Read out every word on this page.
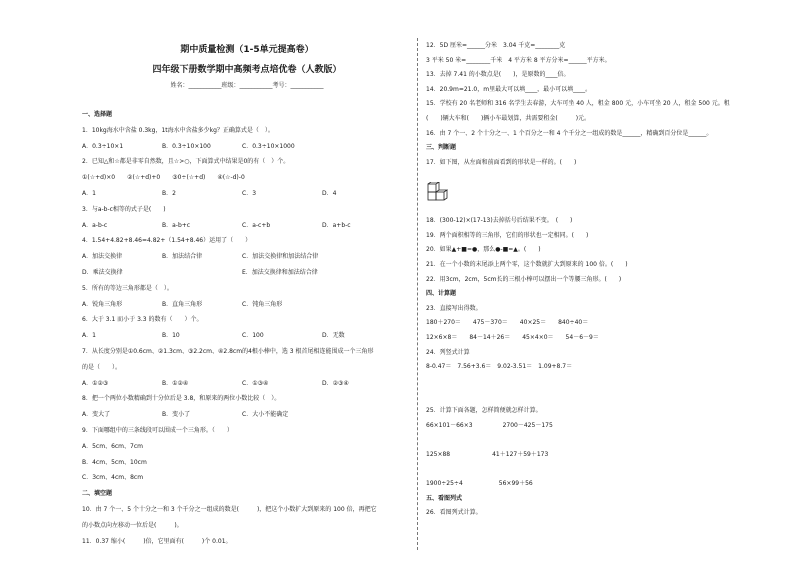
期中质量检测（1-5单元提高卷）
四年级下册数学期中高频考点培优卷（人教版）
姓名：___________班级：___________考号：___________
一、选择题
1．10kg海水中含盐 0.3kg，1t海水中含盐多少kg？正确算式是（　）。
A．0.3÷10×1	B．0.3÷10×100	C．0.3÷10×1000
2．已知△和☆都是非零自然数，且☆>○，下面算式中结果是0的有（　）个。
①(☆+d)×0　　②(☆+d)+0　　③0÷(☆+d)　　④(☆-d)-0
A．1	B．2	C．3	D．4
3．与a-b-c相等的式子是(　　)
A．a-b-c	B．a-b+c	C．a-c+b	D．a+b-c
4．1.54+4.82+8.46=4.82+（1.54+8.46）运用了（　　）
A．加法交换律	B．加法结合律	C．加法交换律和加法结合律
D．乘法交换律	E．加法交换律和加法结合律
5．所有的等边三角形都是（　）。
A．锐角三角形	B．直角三角形	C．钝角三角形
6．大于 3.1 而小于 3.3 的数有（　　）个。
A．1	B．10	C．100	D．无数
7．从长度分别是①0.6cm、②1.3cm、③2.2cm、④2.8cm的4根小棒中，选 3 根首尾相连能围成一个三角形
的是（　　）。
A．①②③	B．①②④	C．①③④	D．②③④
8．把一个两位小数精确到十分位后是 3.8，和原来的两位小数比较（　）。
A．变大了	B．变小了	C．大小不能确定
9．下面哪组中的三条线段可以围成一个三角形。（　　）
A．5cm、6cm、7cm
B．4cm、5cm、10cm
C．3cm、4cm、8cm
二、填空题
10．由 7 个一、5 个十分之一和 3 个千分之一组成的数是(　　　)，把这个小数扩大到原来的 100 倍，再把它
的小数点向左移动一位后是(　　　)。
11．0.37 缩小(　　　)倍，它里面有(　　　)个 0.01。
12．5D 厘米=______分米　3.04 千克=________克
3 平米 50 米=________千米　4 平方米 8 平方分米=______平方米。
13．去掉 7.41 的小数点是(　　)，是原数的____倍。
14．20.9m=21.0，m里最大可以填____，最小可以填____。
15．学校有 20 名老师和 316 名学生去春游，大车可坐 40 人，租金 800 元，小车可坐 20 人，租金 500 元。租
(　　)辆大车和(　　)辆小车最划算，共需要租金(　　　)元。
16．由 7 个一、2 个十分之一、1 个百分之一和 4 个千分之一组成的数是______，精确到百分位是______。
三、判断题
17．如下图，从左面和前面看到的形状是一样的。(　　)
18．(300-12)×(17-13)去掉括号后结果不变。　(　　)
19．两个面积相等的三角形，它们的形状也一定相同。(　　)
20．如果▲+■=●，那么●-■=▲。(　　)
21．在一个小数的末尾添上两个零，这个数就扩大到原来的 100 倍。(　　)
22．用3cm，2cm，5cm长的三根小棒可以摆出一个等腰三角形。(　　)
四、计算题
23．直接写出得数。
180＋270＝　　475－370＝　　40×25＝　　840÷40＝
12×6×8＝　　84－14＋26＝　　45×4×0＝　　54－6－9＝
24．列竖式计算
8-0.47＝　7.56+3.6＝　9.02-3.51＝　1.09+8.7＝
25．计算下面各题，怎样简便就怎样计算。
66×101－66×3　　　　　2700－425－175
125×88　　　　　　　41＋127＋59＋173
1900÷25÷4　　　　　　56×99＋56
五、看图列式
26．看图列式计算。
